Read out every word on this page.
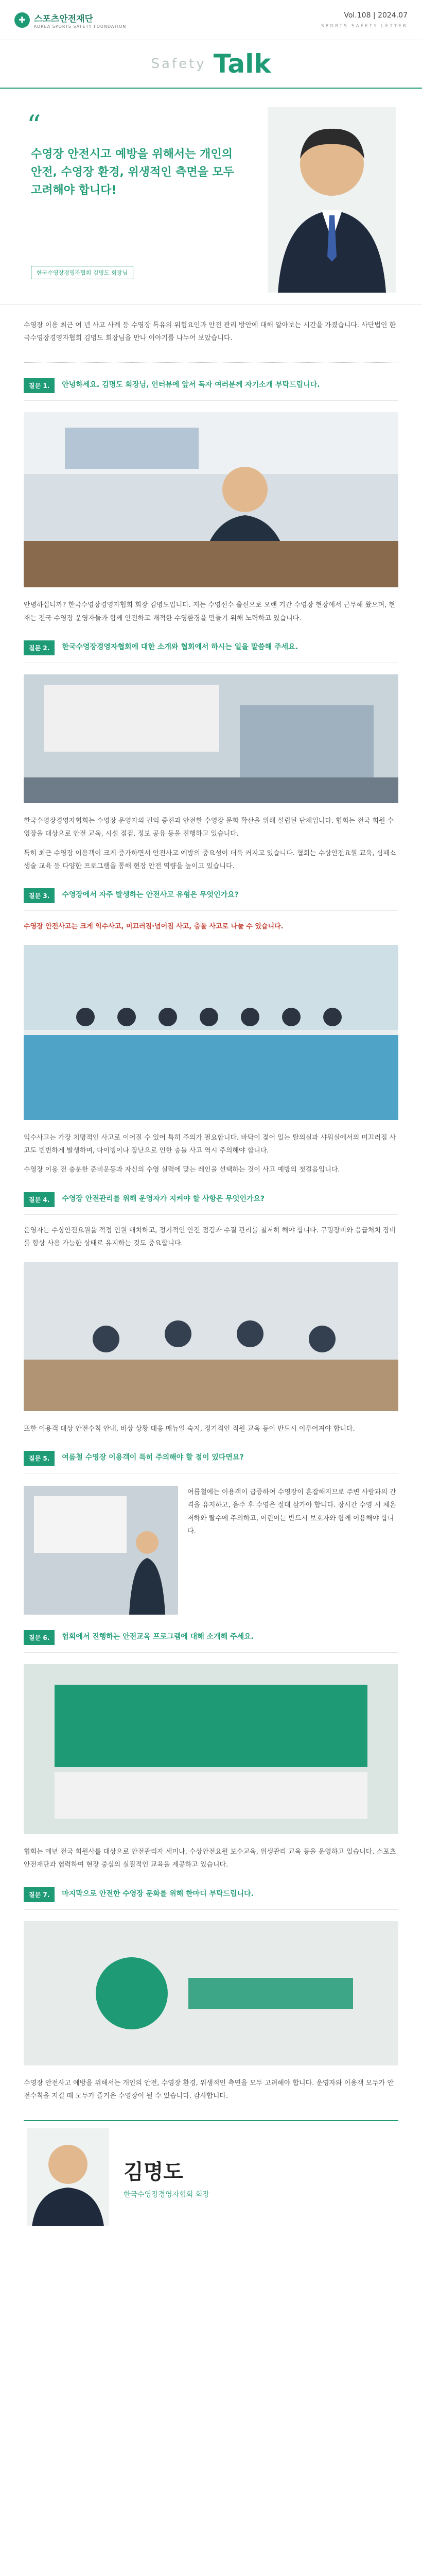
✚ 스포츠안전재단
KOREA SPORTS SAFETY FOUNDATION
Vol.108 | 2024.07
SPORTS SAFETY LETTER
Safety Talk
“
수영장 안전시고 예방을 위해서는 개인의 안전, 수영장 환경, 위생적인 측면을 모두 고려해야 합니다!
한국수영장경영자협회 김명도 회장님
수영장 이용 최근 여 년 사고 사례 등 수영장 특유의 위험요인과 안전 관리 방안에 대해 알아보는 시간을 가졌습니다. 사단법인 한국수영장경영자협회 김명도 회장님을 만나 이야기를 나누어 보았습니다.
질문 1.	안녕하세요. 김명도 회장님, 인터뷰에 앞서 독자 여러분께 자기소개 부탁드립니다.

안녕하십니까? 한국수영장경영자협회 회장 김명도입니다. 저는 수영선수 출신으로 오랜 기간 수영장 현장에서 근무해 왔으며, 현재는 전국 수영장 운영자들과 함께 안전하고 쾌적한 수영환경을 만들기 위해 노력하고 있습니다.

질문 2.	한국수영장경영자협회에 대한 소개와 협회에서 하시는 일을 말씀해 주세요.

한국수영장경영자협회는 수영장 운영자의 권익 증진과 안전한 수영장 문화 확산을 위해 설립된 단체입니다. 협회는 전국 회원 수영장을 대상으로 안전 교육, 시설 점검, 정보 공유 등을 진행하고 있습니다.

특히 최근 수영장 이용객이 크게 증가하면서 안전사고 예방의 중요성이 더욱 커지고 있습니다. 협회는 수상안전요원 교육, 심폐소생술 교육 등 다양한 프로그램을 통해 현장 안전 역량을 높이고 있습니다.

질문 3.	수영장에서 자주 발생하는 안전사고 유형은 무엇인가요?

수영장 안전사고는 크게 익수사고, 미끄러짐·넘어짐 사고, 충돌 사고로 나눌 수 있습니다.

익수사고는 가장 치명적인 사고로 이어질 수 있어 특히 주의가 필요합니다. 바닥이 젖어 있는 탈의실과 샤워실에서의 미끄러짐 사고도 빈번하게 발생하며, 다이빙이나 장난으로 인한 충돌 사고 역시 주의해야 합니다.

수영장 이용 전 충분한 준비운동과 자신의 수영 실력에 맞는 레인을 선택하는 것이 사고 예방의 첫걸음입니다.

질문 4.	수영장 안전관리를 위해 운영자가 지켜야 할 사항은 무엇인가요?

운영자는 수상안전요원을 적정 인원 배치하고, 정기적인 안전 점검과 수질 관리를 철저히 해야 합니다. 구명장비와 응급처치 장비를 항상 사용 가능한 상태로 유지하는 것도 중요합니다.

또한 이용객 대상 안전수칙 안내, 비상 상황 대응 매뉴얼 숙지, 정기적인 직원 교육 등이 반드시 이루어져야 합니다.

질문 5.	여름철 수영장 이용객이 특히 주의해야 할 점이 있다면요?

여름철에는 이용객이 급증하여 수영장이 혼잡해지므로 주변 사람과의 간격을 유지하고, 음주 후 수영은 절대 삼가야 합니다. 장시간 수영 시 체온 저하와 탈수에 주의하고, 어린이는 반드시 보호자와 함께 이용해야 합니다.

질문 6.	협회에서 진행하는 안전교육 프로그램에 대해 소개해 주세요.

협회는 매년 전국 회원사를 대상으로 안전관리자 세미나, 수상안전요원 보수교육, 위생관리 교육 등을 운영하고 있습니다. 스포츠안전재단과 협력하여 현장 중심의 실질적인 교육을 제공하고 있습니다.

질문 7.	마지막으로 안전한 수영장 문화를 위해 한마디 부탁드립니다.

수영장 안전사고 예방을 위해서는 개인의 안전, 수영장 환경, 위생적인 측면을 모두 고려해야 합니다. 운영자와 이용객 모두가 안전수칙을 지킬 때 모두가 즐거운 수영장이 될 수 있습니다. 감사합니다.

김명도
한국수영장경영자협회 회장
